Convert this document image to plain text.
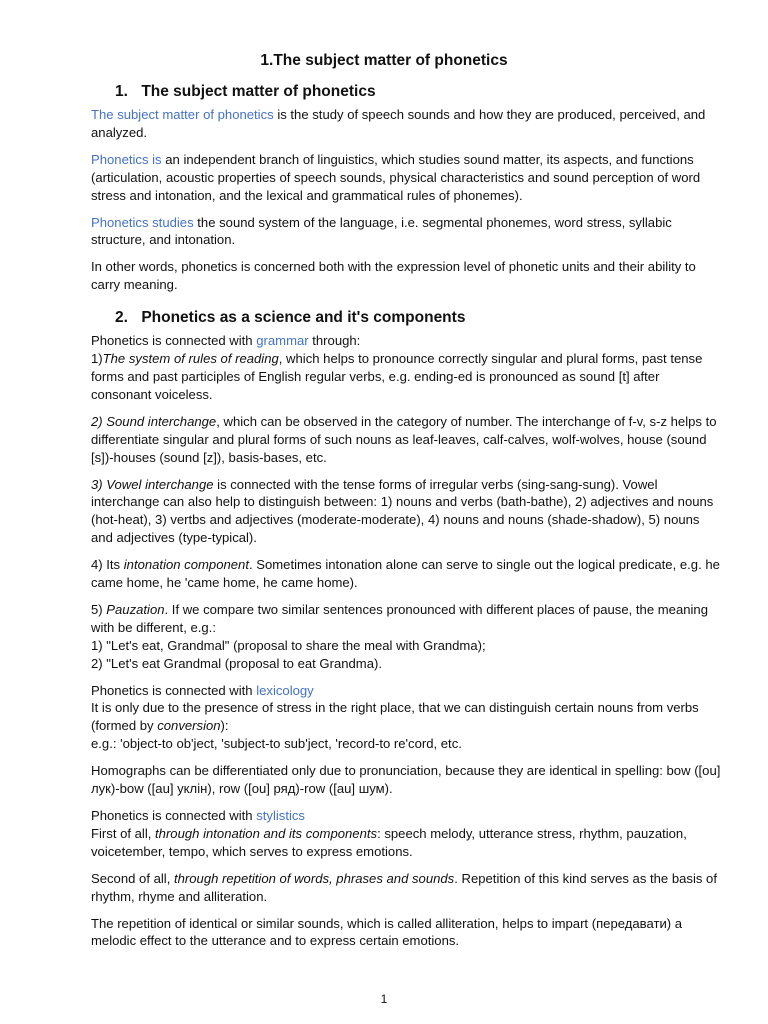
1.The subject matter of phonetics
1. The subject matter of phonetics

The subject matter of phonetics is the study of speech sounds and how they are produced, perceived, and analyzed.

Phonetics is an independent branch of linguistics, which studies sound matter, its aspects, and functions (articulation, acoustic properties of speech sounds, physical characteristics and sound perception of word stress and intonation, and the lexical and grammatical rules of phonemes).

Phonetics studies the sound system of the language, i.e. segmental phonemes, word stress, syllabic structure, and intonation.

In other words, phonetics is concerned both with the expression level of phonetic units and their ability to carry meaning.

2. Phonetics as a science and it's components

Phonetics is connected with grammar through:
1)The system of rules of reading, which helps to pronounce correctly singular and plural forms, past tense forms and past participles of English regular verbs, e.g. ending-ed is pronounced as sound [t] after consonant voiceless.

2) Sound interchange, which can be observed in the category of number. The interchange of f-v, s-z helps to differentiate singular and plural forms of such nouns as leaf-leaves, calf-calves, wolf-wolves, house (sound [s])-houses (sound [z]), basis-bases, etc.

3) Vowel interchange is connected with the tense forms of irregular verbs (sing-sang-sung). Vowel interchange can also help to distinguish between: 1) nouns and verbs (bath-bathe), 2) adjectives and nouns (hot-heat), 3) vertbs and adjectives (moderate-moderate), 4) nouns and nouns (shade-shadow), 5) nouns and adjectives (type-typical).

4) Its intonation component. Sometimes intonation alone can serve to single out the logical predicate, e.g. he came home, he 'came home, he came home).

5) Pauzation. If we compare two similar sentences pronounced with different places of pause, the meaning with be different, e.g.:
1) "Let's eat, Grandmal" (proposal to share the meal with Grandma);
2) "Let's eat Grandmal (proposal to eat Grandma).

Phonetics is connected with lexicology
It is only due to the presence of stress in the right place, that we can distinguish certain nouns from verbs (formed by conversion):
e.g.: 'object-to ob'ject, 'subject-to sub'ject, 'record-to re'cord, etc.

Homographs can be differentiated only due to pronunciation, because they are identical in spelling: bow ([ou] лук)-bow ([au] уклін), row ([ou] ряд)-row ([au] шум).

Phonetics is connected with stylistics
First of all, through intonation and its components: speech melody, utterance stress, rhythm, pauzation, voicetember, tempo, which serves to express emotions.

Second of all, through repetition of words, phrases and sounds. Repetition of this kind serves as the basis of rhythm, rhyme and alliteration.

The repetition of identical or similar sounds, which is called alliteration, helps to impart (передавати) a melodic effect to the utterance and to express certain emotions.

1
